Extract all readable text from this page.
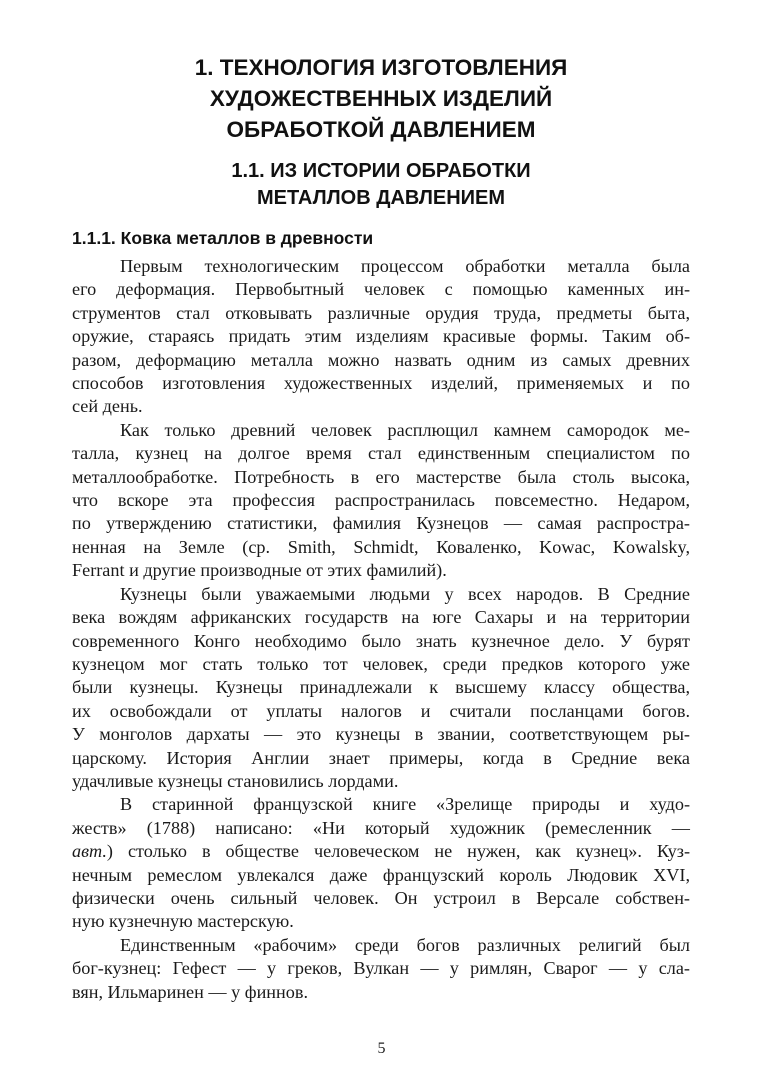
1. ТЕХНОЛОГИЯ ИЗГОТОВЛЕНИЯ
ХУДОЖЕСТВЕННЫХ ИЗДЕЛИЙ
ОБРАБОТКОЙ ДАВЛЕНИЕМ
1.1. ИЗ ИСТОРИИ ОБРАБОТКИ
МЕТАЛЛОВ ДАВЛЕНИЕМ
1.1.1. Ковка металлов в древности
Первым технологическим процессом обработки металла была
его деформация. Первобытный человек с помощью каменных ин-
струментов стал отковывать различные орудия труда, предметы быта,
оружие, стараясь придать этим изделиям красивые формы. Таким об-
разом, деформацию металла можно назвать одним из самых древних
способов изготовления художественных изделий, применяемых и по
сей день.
Как только древний человек расплющил камнем самородок ме-
талла, кузнец на долгое время стал единственным специалистом по
металлообработке. Потребность в его мастерстве была столь высока,
что вскоре эта профессия распространилась повсеместно. Недаром,
по утверждению статистики, фамилия Кузнецов — самая распростра-
ненная на Земле (ср. Smith, Schmidt, Коваленко, Kowac, Kowalsky,
Ferrant и другие производные от этих фамилий).
Кузнецы были уважаемыми людьми у всех народов. В Средние
века вождям африканских государств на юге Сахары и на территории
современного Конго необходимо было знать кузнечное дело. У бурят
кузнецом мог стать только тот человек, среди предков которого уже
были кузнецы. Кузнецы принадлежали к высшему классу общества,
их освобождали от уплаты налогов и считали посланцами богов.
У монголов дархаты — это кузнецы в звании, соответствующем ры-
царскому. История Англии знает примеры, когда в Средние века
удачливые кузнецы становились лордами.
В старинной французской книге «Зрелище природы и худо-
жеств» (1788) написано: «Ни который художник (ремесленник —
авт.) столько в обществе человеческом не нужен, как кузнец». Куз-
нечным ремеслом увлекался даже французский король Людовик XVI,
физически очень сильный человек. Он устроил в Версале собствен-
ную кузнечную мастерскую.
Единственным «рабочим» среди богов различных религий был
бог-кузнец: Гефест — у греков, Вулкан — у римлян, Сварог — у сла-
вян, Ильмаринен — у финнов.
5
